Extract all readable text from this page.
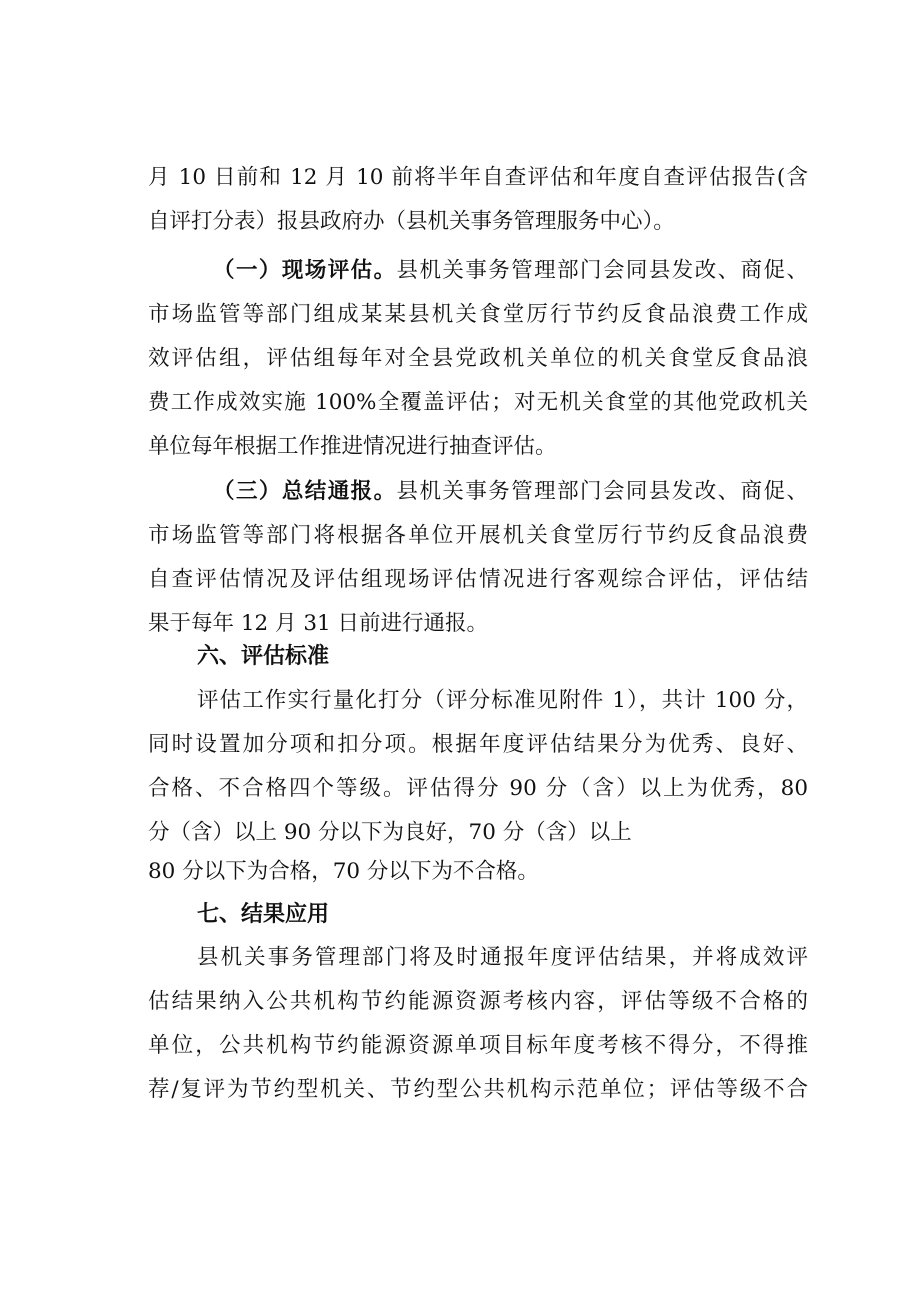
月 10 日前和 12 月 10 前将半年自查评估和年度自查评估报告(含
自评打分表）报县政府办（县机关事务管理服务中心）。
（一）现场评估。县机关事务管理部门会同县发改、商促、
市场监管等部门组成某某县机关食堂厉行节约反食品浪费工作成
效评估组，评估组每年对全县党政机关单位的机关食堂反食品浪
费工作成效实施 100%全覆盖评估；对无机关食堂的其他党政机关
单位每年根据工作推进情况进行抽查评估。
（三）总结通报。县机关事务管理部门会同县发改、商促、
市场监管等部门将根据各单位开展机关食堂厉行节约反食品浪费
自查评估情况及评估组现场评估情况进行客观综合评估，评估结
果于每年 12 月 31 日前进行通报。
六、评估标准
评估工作实行量化打分（评分标准见附件 1），共计 100 分，
同时设置加分项和扣分项。根据年度评估结果分为优秀、良好、
合格、不合格四个等级。评估得分 90 分（含）以上为优秀，80
分（含）以上 90 分以下为良好，70 分（含）以上
80 分以下为合格，70 分以下为不合格。
七、结果应用
县机关事务管理部门将及时通报年度评估结果，并将成效评
估结果纳入公共机构节约能源资源考核内容，评估等级不合格的
单位，公共机构节约能源资源单项目标年度考核不得分，不得推
荐/复评为节约型机关、节约型公共机构示范单位；评估等级不合
